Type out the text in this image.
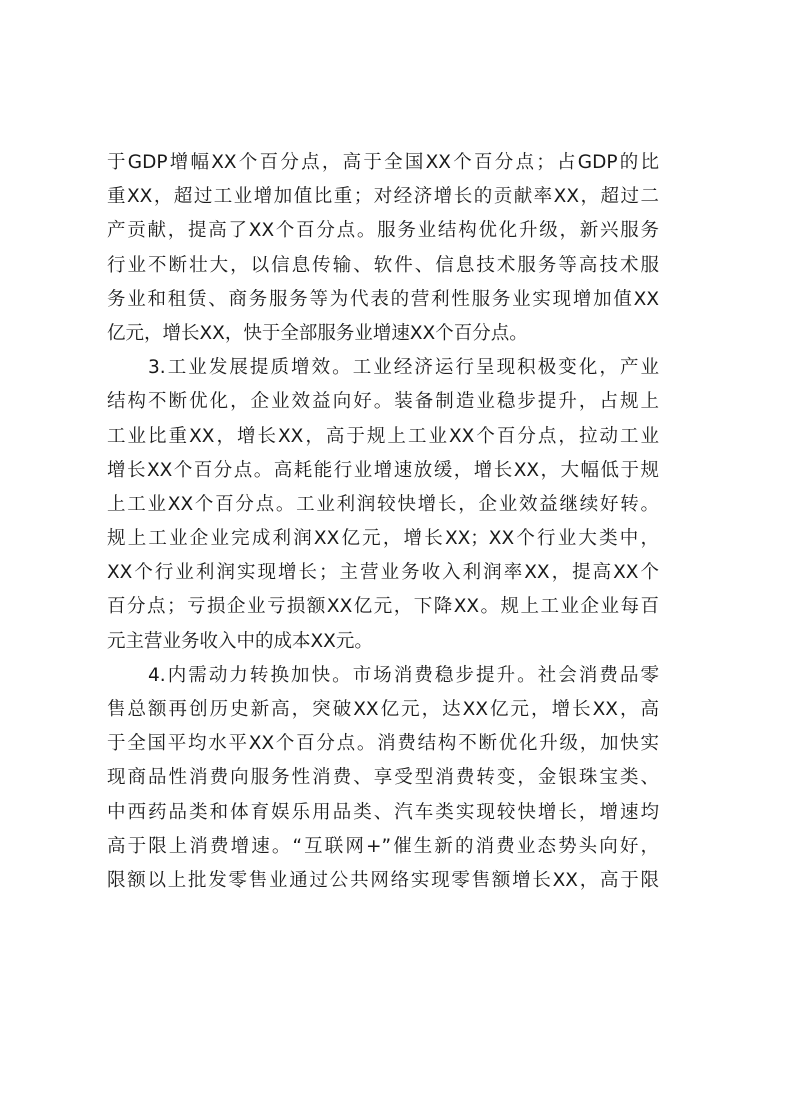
于GDP增幅XX个百分点，高于全国XX个百分点；占GDP的比
重XX，超过工业增加值比重；对经济增长的贡献率XX，超过二
产贡献，提高了XX个百分点。服务业结构优化升级，新兴服务
行业不断壮大，以信息传输、软件、信息技术服务等高技术服
务业和租赁、商务服务等为代表的营利性服务业实现增加值XX
亿元，增长XX，快于全部服务业增速XX个百分点。
3.工业发展提质增效。工业经济运行呈现积极变化，产业
结构不断优化，企业效益向好。装备制造业稳步提升，占规上
工业比重XX，增长XX，高于规上工业XX个百分点，拉动工业
增长XX个百分点。高耗能行业增速放缓，增长XX，大幅低于规
上工业XX个百分点。工业利润较快增长，企业效益继续好转。
规上工业企业完成利润XX亿元，增长XX；XX个行业大类中，
XX个行业利润实现增长；主营业务收入利润率XX，提高XX个
百分点；亏损企业亏损额XX亿元，下降XX。规上工业企业每百
元主营业务收入中的成本XX元。
4.内需动力转换加快。市场消费稳步提升。社会消费品零
售总额再创历史新高，突破XX亿元，达XX亿元，增长XX，高
于全国平均水平XX个百分点。消费结构不断优化升级，加快实
现商品性消费向服务性消费、享受型消费转变，金银珠宝类、
中西药品类和体育娱乐用品类、汽车类实现较快增长，增速均
高于限上消费增速。“互联网+”催生新的消费业态势头向好，
限额以上批发零售业通过公共网络实现零售额增长XX，高于限
